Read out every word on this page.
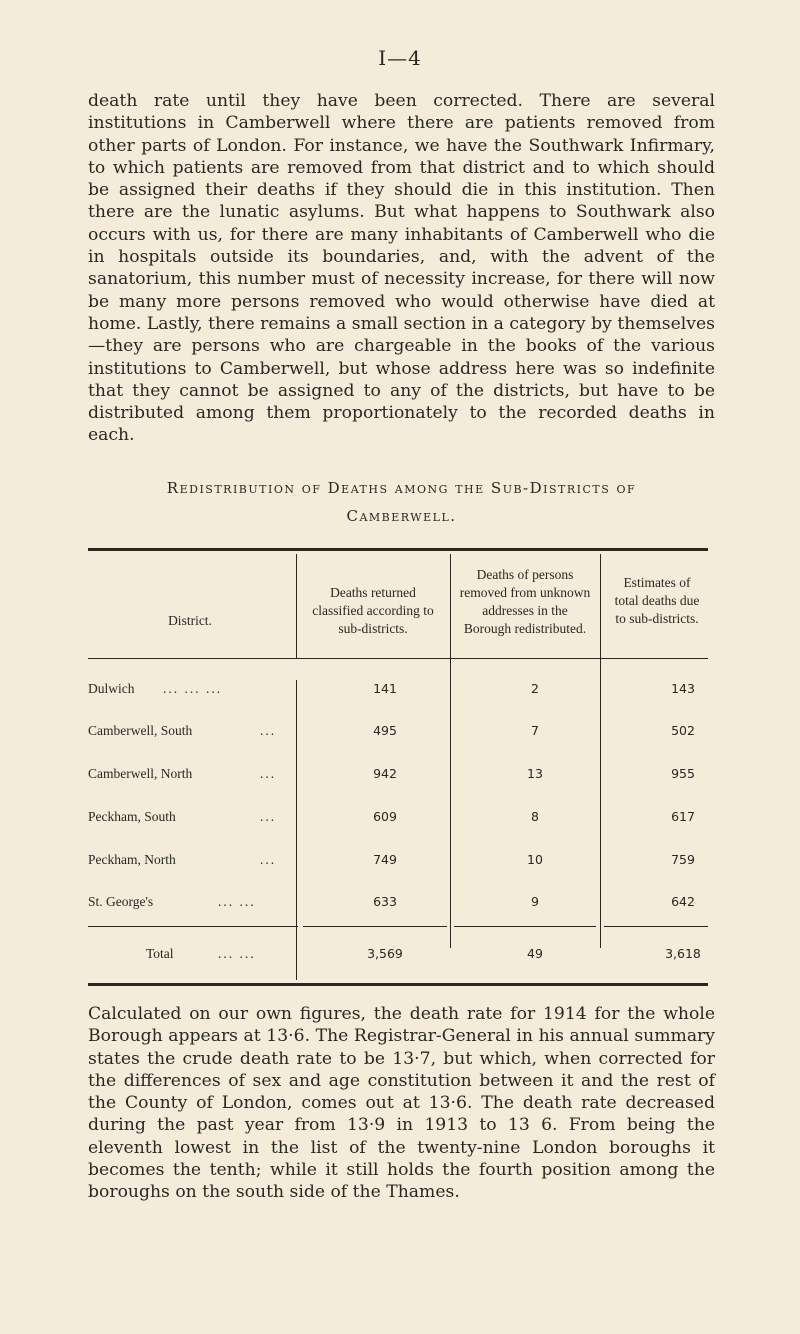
I—4

death rate until they have been corrected. There are several institutions in Camberwell where there are patients removed from other parts of London. For instance, we have the Southwark Infirmary, to which patients are removed from that district and to which should be assigned their deaths if they should die in this institution. Then there are the lunatic asylums. But what happens to Southwark also occurs with us, for there are many inhabitants of Camberwell who die in hospitals outside its boundaries, and, with the advent of the sanatorium, this number must of necessity increase, for there will now be many more persons removed who would otherwise have died at home. Lastly, there remains a small section in a category by themselves—they are persons who are chargeable in the books of the various institutions to Camberwell, but whose address here was so indefinite that they cannot be assigned to any of the districts, but have to be distributed among them proportionately to the recorded deaths in each.

Redistribution of Deaths among the Sub-Districts of
Camberwell.
District.
Deaths returned classified according to sub-districts.
Deaths of persons removed from unknown addresses in the Borough redistributed.
Estimates of total deaths due to sub-districts.
Dulwich ... ... ...	141	2	143
Camberwell, South	...	495	7	502
Camberwell, North	...	942	13	955
Peckham, South	...	609	8	617
Peckham, North	...	749	10	759
St. George's	... ...	633	9	642
Total	... ...	3,569	49	3,618

Calculated on our own figures, the death rate for 1914 for the whole Borough appears at 13·6. The Registrar-General in his annual summary states the crude death rate to be 13·7, but which, when corrected for the differences of sex and age constitution between it and the rest of the County of London, comes out at 13·6. The death rate decreased during the past year from 13·9 in 1913 to 13 6. From being the eleventh lowest in the list of the twenty-nine London boroughs it becomes the tenth; while it still holds the fourth position among the boroughs on the south side of the Thames.
